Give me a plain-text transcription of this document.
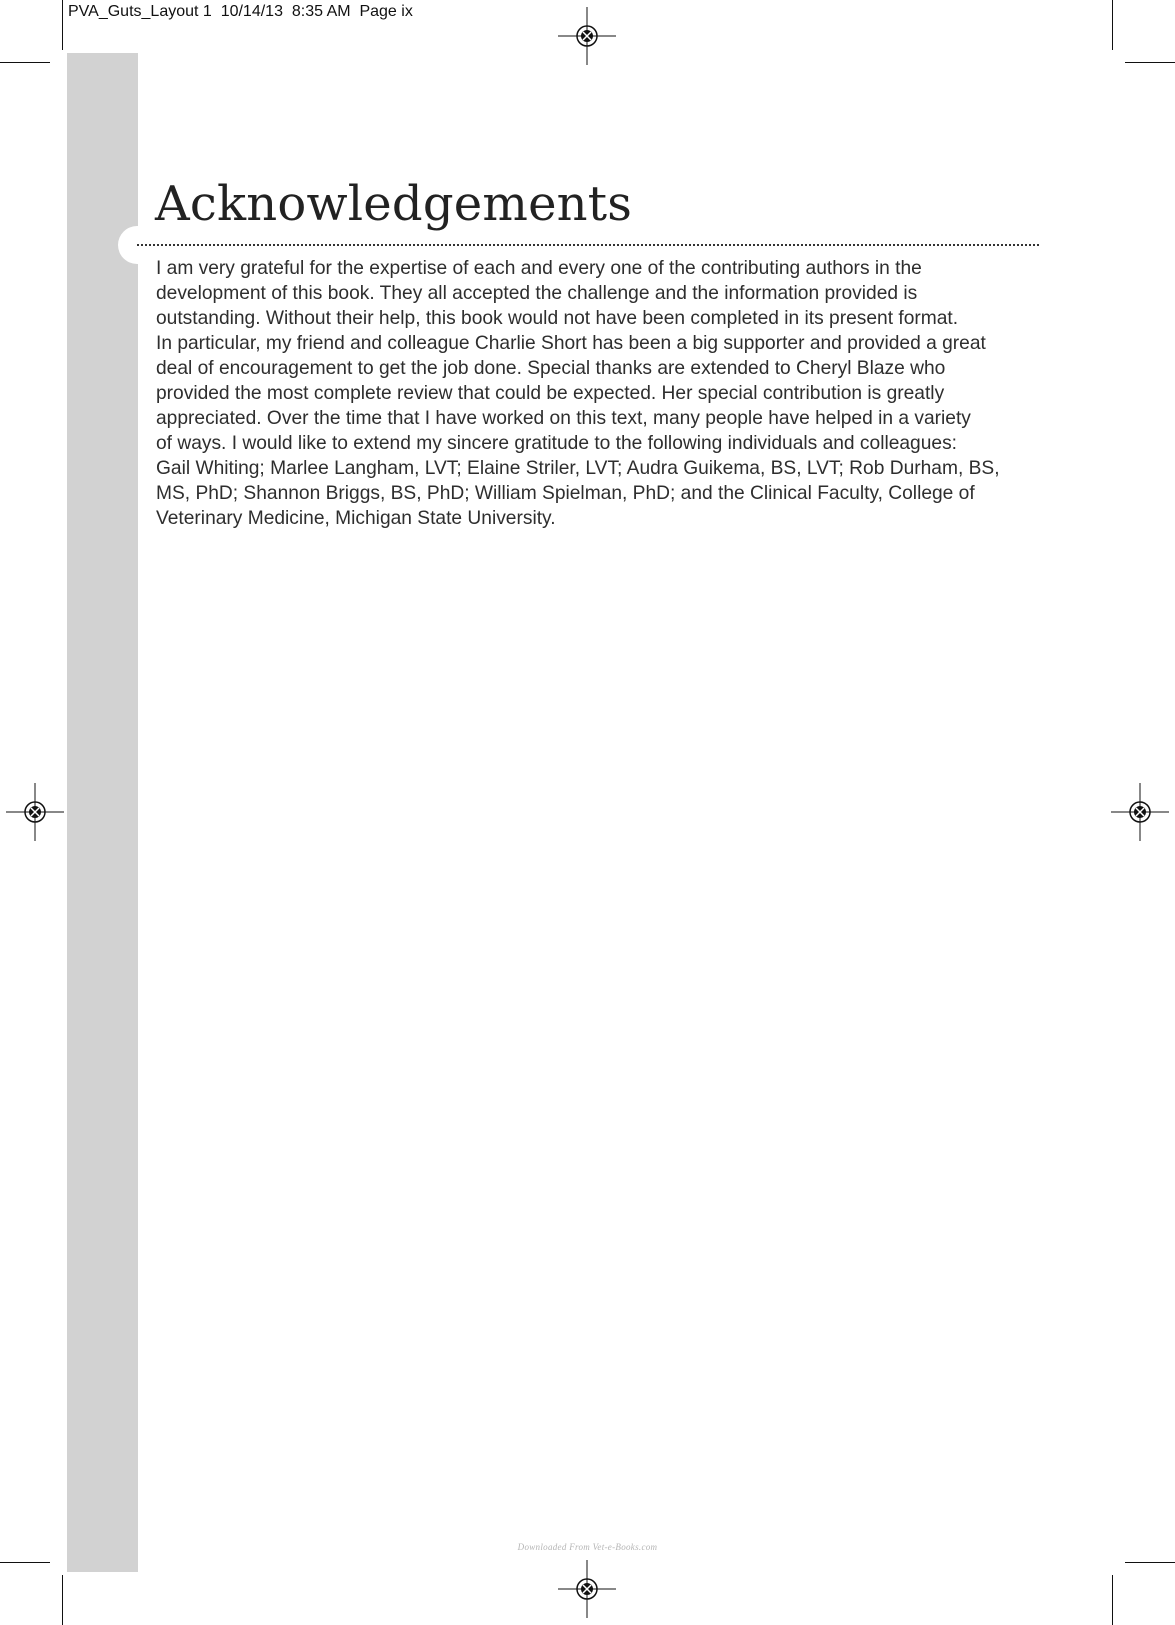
PVA_Guts_Layout 1  10/14/13  8:35 AM  Page ix
Acknowledgements

I am very grateful for the expertise of each and every one of the contributing authors in the
development of this book. They all accepted the challenge and the information provided is
outstanding. Without their help, this book would not have been completed in its present format.
In particular, my friend and colleague Charlie Short has been a big supporter and provided a great
deal of encouragement to get the job done. Special thanks are extended to Cheryl Blaze who
provided the most complete review that could be expected. Her special contribution is greatly
appreciated. Over the time that I have worked on this text, many people have helped in a variety
of ways. I would like to extend my sincere gratitude to the following individuals and colleagues:
Gail Whiting; Marlee Langham, LVT; Elaine Striler, LVT; Audra Guikema, BS, LVT; Rob Durham, BS,
MS, PhD; Shannon Briggs, BS, PhD; William Spielman, PhD; and the Clinical Faculty, College of
Veterinary Medicine, Michigan State University.

Downloaded From Vet-e-Books.com
